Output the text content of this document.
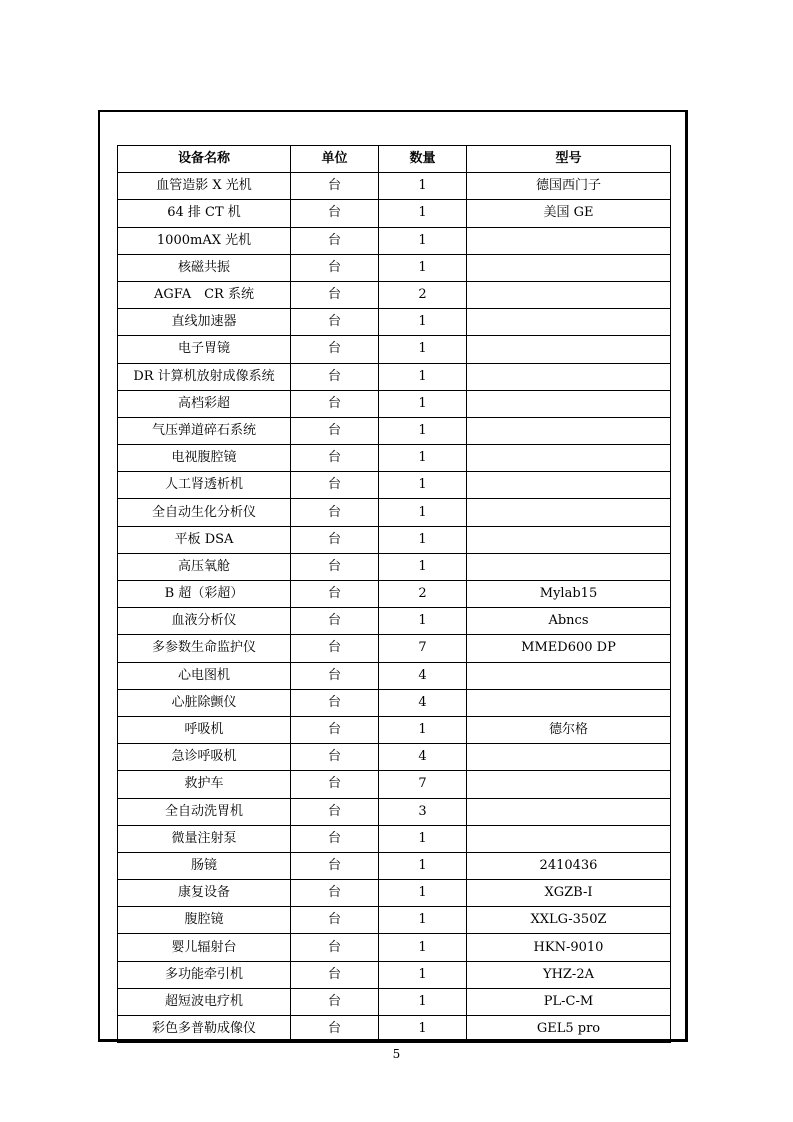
设备名称	单位	数量	型号
血管造影 X 光机	台	1	德国西门子
64 排 CT 机	台	1	美国 GE
1000mAX 光机	台	1	
核磁共振	台	1	
AGFA　CR 系统	台	2	
直线加速器	台	1	
电子胃镜	台	1	
DR 计算机放射成像系统	台	1	
高档彩超	台	1	
气压弹道碎石系统	台	1	
电视腹腔镜	台	1	
人工肾透析机	台	1	
全自动生化分析仪	台	1	
平板 DSA	台	1	
高压氧舱	台	1	
B 超（彩超）	台	2	Mylab15
血液分析仪	台	1	Abncs
多参数生命监护仪	台	7	MMED600 DP
心电图机	台	4	
心脏除颤仪	台	4	
呼吸机	台	1	德尔格
急诊呼吸机	台	4	
救护车	台	7	
全自动洗胃机	台	3	
微量注射泵	台	1	
肠镜	台	1	2410436
康复设备	台	1	XGZB-I
腹腔镜	台	1	XXLG-350Z
婴儿辐射台	台	1	HKN-9010
多功能牵引机	台	1	YHZ-2A
超短波电疗机	台	1	PL-C-M
彩色多普勒成像仪	台	1	GEL5 pro
5
